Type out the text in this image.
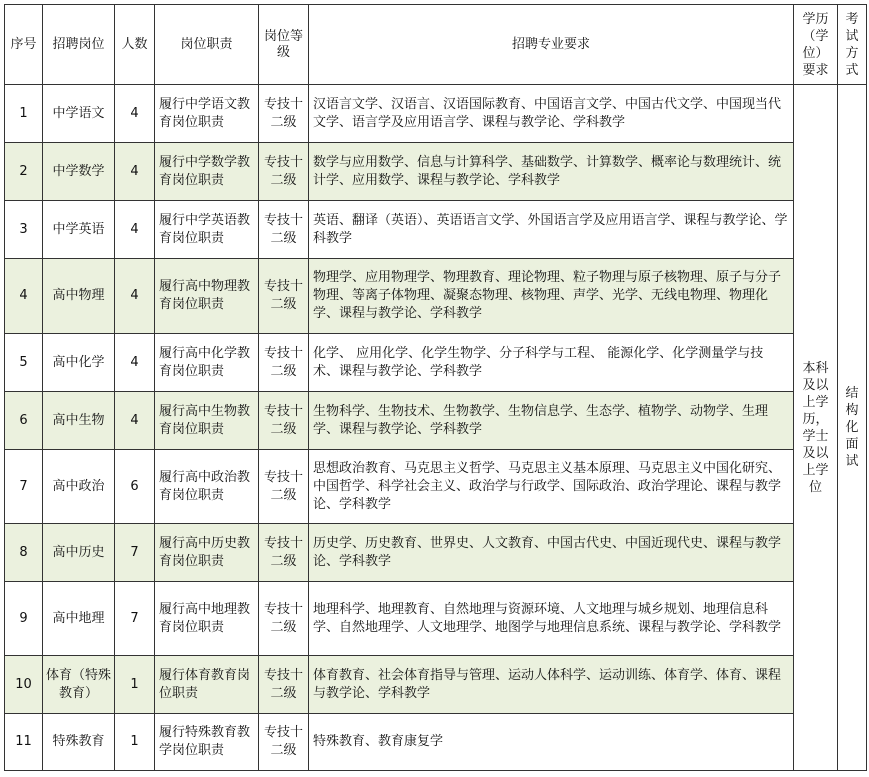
序号	招聘岗位	人数	岗位职责	岗位等级	招聘专业要求	学历（学位）要求	考试方式
1	中学语文	4	履行中学语文教育岗位职责	专技十二级	汉语言文学、汉语言、汉语国际教育、中国语言文学、中国古代文学、中国现当代文学、语言学及应用语言学、课程与教学论、学科教学	本科及以上学历，学士及以上学位	结构化面试
2	中学数学	4	履行中学数学教育岗位职责	专技十二级	数学与应用数学、信息与计算科学、基础数学、计算数学、概率论与数理统计、统计学、应用数学、课程与教学论、学科教学		
3	中学英语	4	履行中学英语教育岗位职责	专技十二级	英语、翻译（英语）、英语语言文学、外国语言学及应用语言学、课程与教学论、学科教学		
4	高中物理	4	履行高中物理教育岗位职责	专技十二级	物理学、应用物理学、物理教育、理论物理、粒子物理与原子核物理、原子与分子物理、等离子体物理、凝聚态物理、核物理、声学、光学、无线电物理、物理化学、课程与教学论、学科教学		
5	高中化学	4	履行高中化学教育岗位职责	专技十二级	化学、 应用化学、化学生物学、分子科学与工程、 能源化学、化学测量学与技术、课程与教学论、学科教学		
6	高中生物	4	履行高中生物教育岗位职责	专技十二级	生物科学、生物技术、生物教学、生物信息学、生态学、植物学、动物学、生理学、课程与教学论、学科教学		
7	高中政治	6	履行高中政治教育岗位职责	专技十二级	思想政治教育、马克思主义哲学、马克思主义基本原理、马克思主义中国化研究、中国哲学、科学社会主义、政治学与行政学、国际政治、政治学理论、课程与教学论、学科教学		
8	高中历史	7	履行高中历史教育岗位职责	专技十二级	历史学、历史教育、世界史、人文教育、中国古代史、中国近现代史、课程与教学论、学科教学		
9	高中地理	7	履行高中地理教育岗位职责	专技十二级	地理科学、地理教育、自然地理与资源环境、人文地理与城乡规划、地理信息科学、自然地理学、人文地理学、地图学与地理信息系统、课程与教学论、学科教学		
10	体育（特殊教育）	1	履行体育教育岗位职责	专技十二级	体育教育、社会体育指导与管理、运动人体科学、运动训练、体育学、体育、课程与教学论、学科教学		
11	特殊教育	1	履行特殊教育教学岗位职责	专技十二级	特殊教育、教育康复学		
